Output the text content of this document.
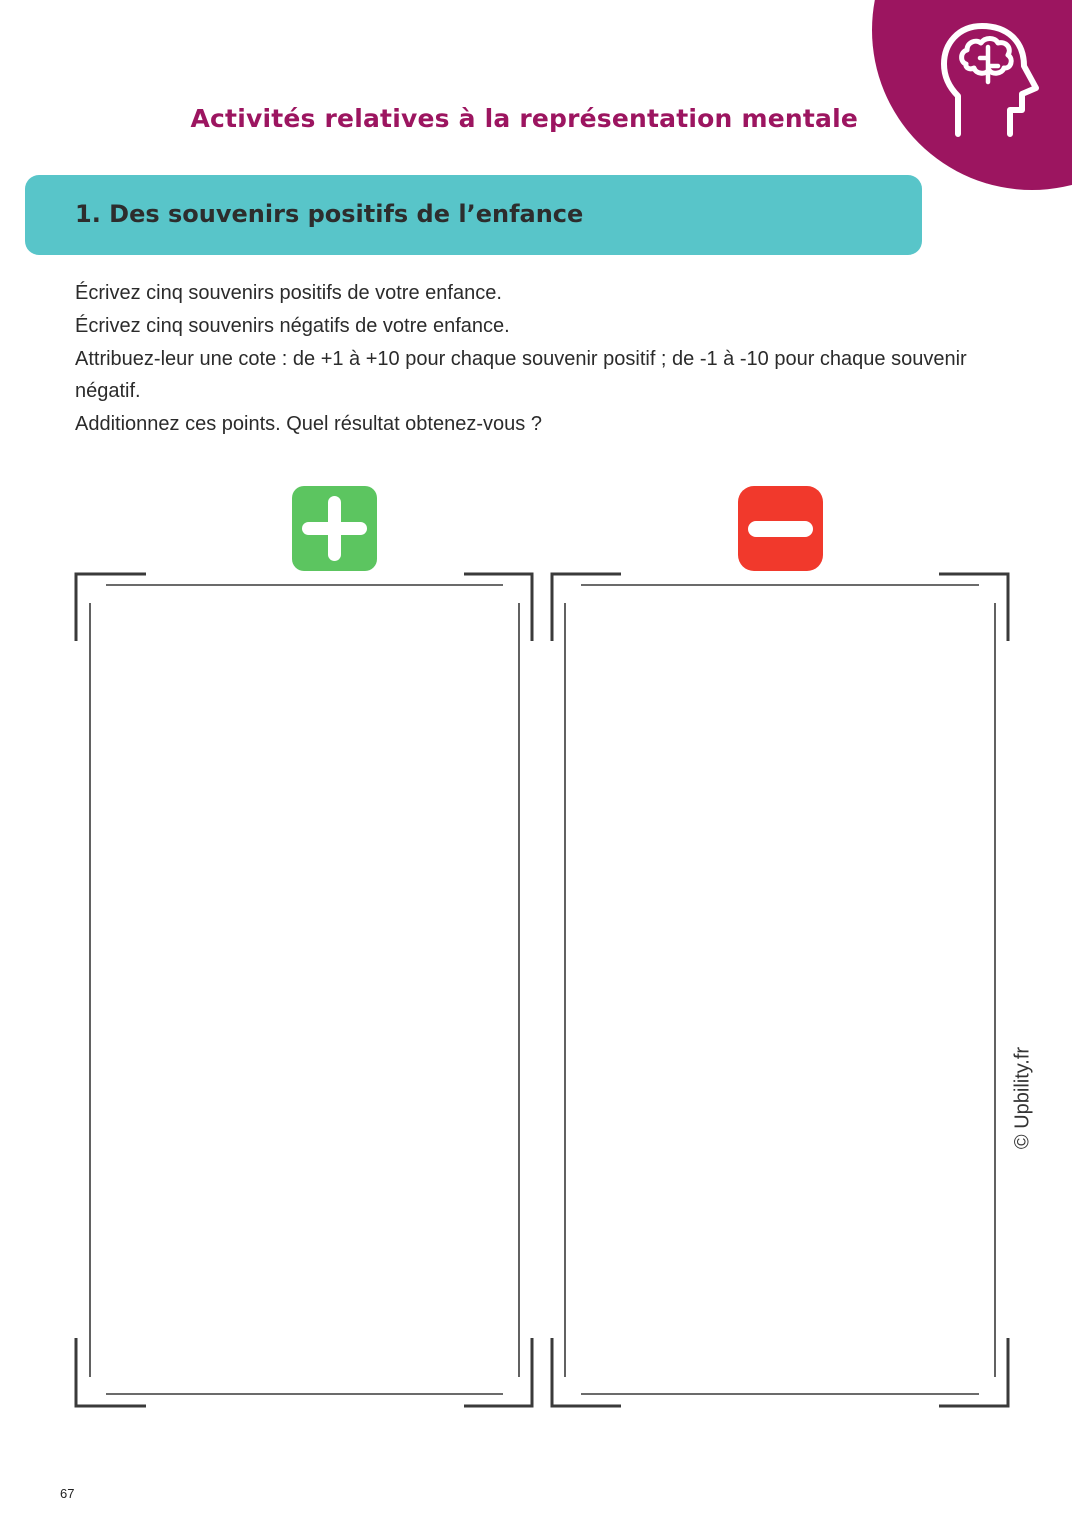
Activités relatives à la représentation mentale
1. Des souvenirs positifs de l’enfance

Écrivez cinq souvenirs positifs de votre enfance.

Écrivez cinq souvenirs négatifs de votre enfance.

Attribuez-leur une cote : de +1 à +10 pour chaque souvenir positif ; de -1 à -10 pour chaque souvenir négatif.

Additionnez ces points. Quel résultat obtenez-vous ?

© Upbility.fr
67
